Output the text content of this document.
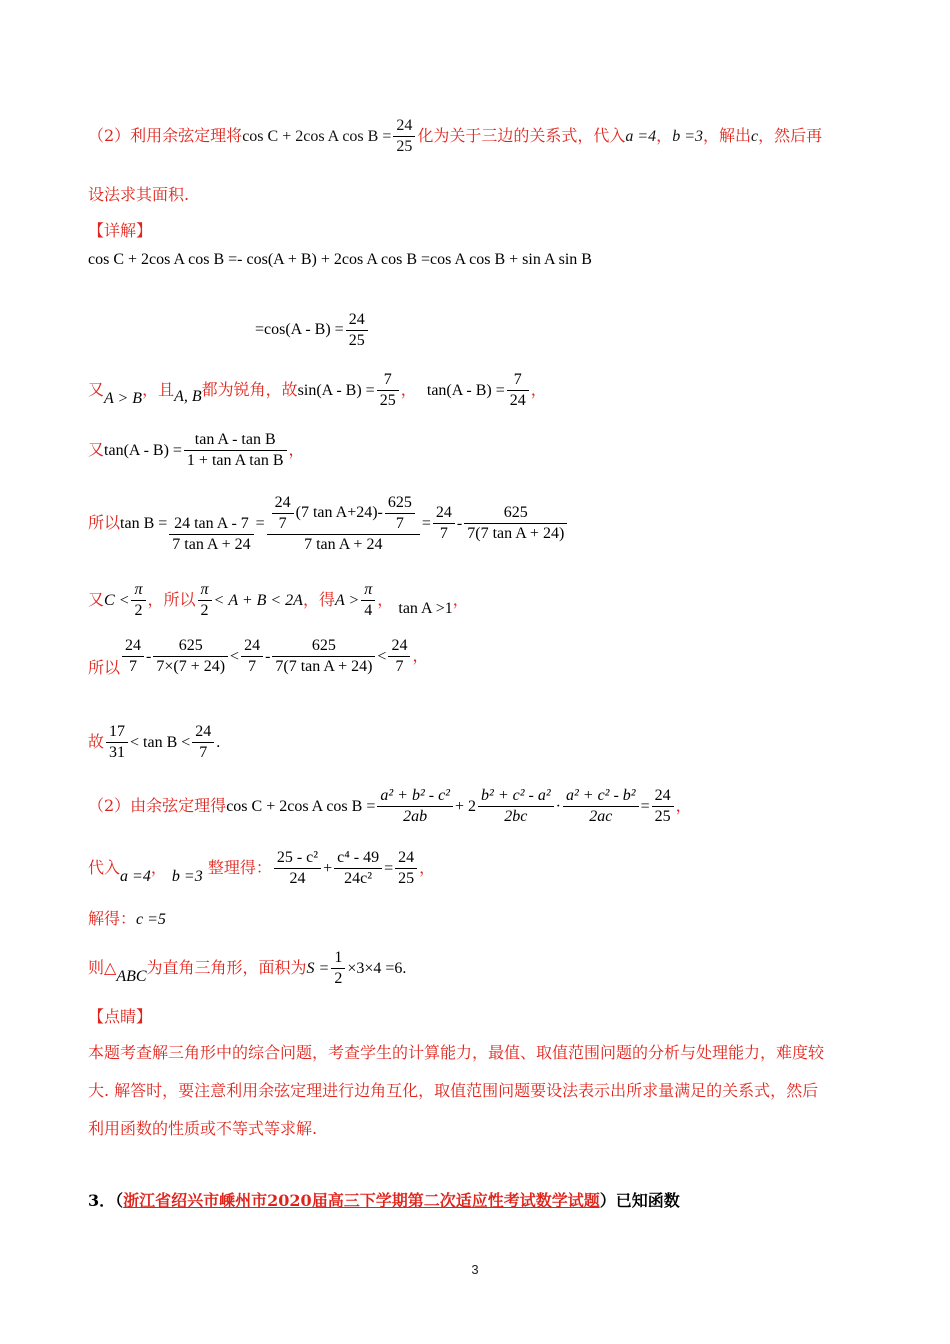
（2）利用余弦定理将cos C + 2cos A $\cos B = \frac{24}{25}$ 化为关于三边的关系式，代入a =4，b =3，解出c，然后再
设法求其面积.
【详解】
cos C + 2cos A cos B =- cos(A + B) + 2cos A cos B =cos A cos B + sin A sin B
$=\cos(A - B) = \frac{24}{25}$
又A > B，且A, B都为锐角，故$\sin(A - B) = \frac{7}{25}$ ， $\tan(A - B) = \frac{7}{24}$ ，
又$\tan(A - B) = \frac{\text{tan A - tan B}}{\text{1 + tan A tan B}}$ ，
所以$\tan B = \frac{\text{24 tan A - 7}}{\text{7 tan A + 24}} = \frac{\frac{24}{7} (7 \tan A+24)- \frac{625}{7}}{\text{7 tan A + 24}} = \frac{24}{7} - \frac{625}{\text{7(7 tan A + 24)}}$
又$C < \frac{\pi}{2}$ ，所以 $\frac{\pi}{2} < A + B < 2A$，得$A > \frac{\pi}{4}$ ， tan A >1，
所以 $\frac{24}{7} - \frac{625}{7\times(7 + 24)} < \frac{24}{7} - \frac{625}{\text{7(7 tan A + 24)}} < \frac{24}{7}$ ，
故 $\frac{17}{31} < \tan B < \frac{24}{7}$ .
（2）由余弦定理得cos C + 2cos A $\cos B = \frac{\text{a² + b² - c²}}{2ab} + 2 \frac{\text{b² + c² - a²}}{2bc} \cdot \frac{\text{a² + c² - b²}}{2ac} = \frac{24}{25}$ ，
代入a =4， b =3 整理得： $\frac{\text{25 - c²}}{24} + \frac{\text{c⁴ - 49}}{\text{24c²}} = \frac{24}{25}$ ，
解得：c =5
则△ABC为直角三角形，面积为$S = \frac{1}{2} \times 3\times 4 =6$.
【点睛】
本题考查解三角形中的综合问题，考查学生的计算能力，最值、取值范围问题的分析与处理能力，难度较
大. 解答时，要注意利用余弦定理进行边角互化，取值范围问题要设法表示出所求量满足的关系式，然后
利用函数的性质或不等式等求解.
3．（浙江省绍兴市嵊州市2020届高三下学期第二次适应性考试数学试题）已知函数
3
